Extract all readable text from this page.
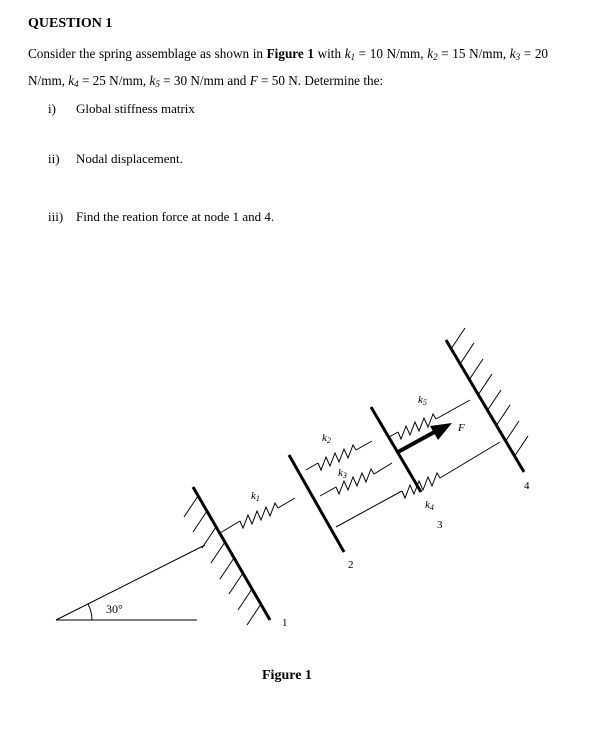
QUESTION 1
Consider the spring assemblage as shown in Figure 1 with $k_1 = 10$ N/mm, $k_2 = 15$ N/mm, $k_3 = 20$ N/mm, $k_4 = 25$ N/mm, $k_5 = 30$ N/mm and F = 50 N. Determine the:
i) Global stiffness matrix
ii) Nodal displacement.
iii) Find the reation force at node 1 and 4.
30°
1
k1
2
k2
k3
F
k5
k4
3
4
Figure 1
